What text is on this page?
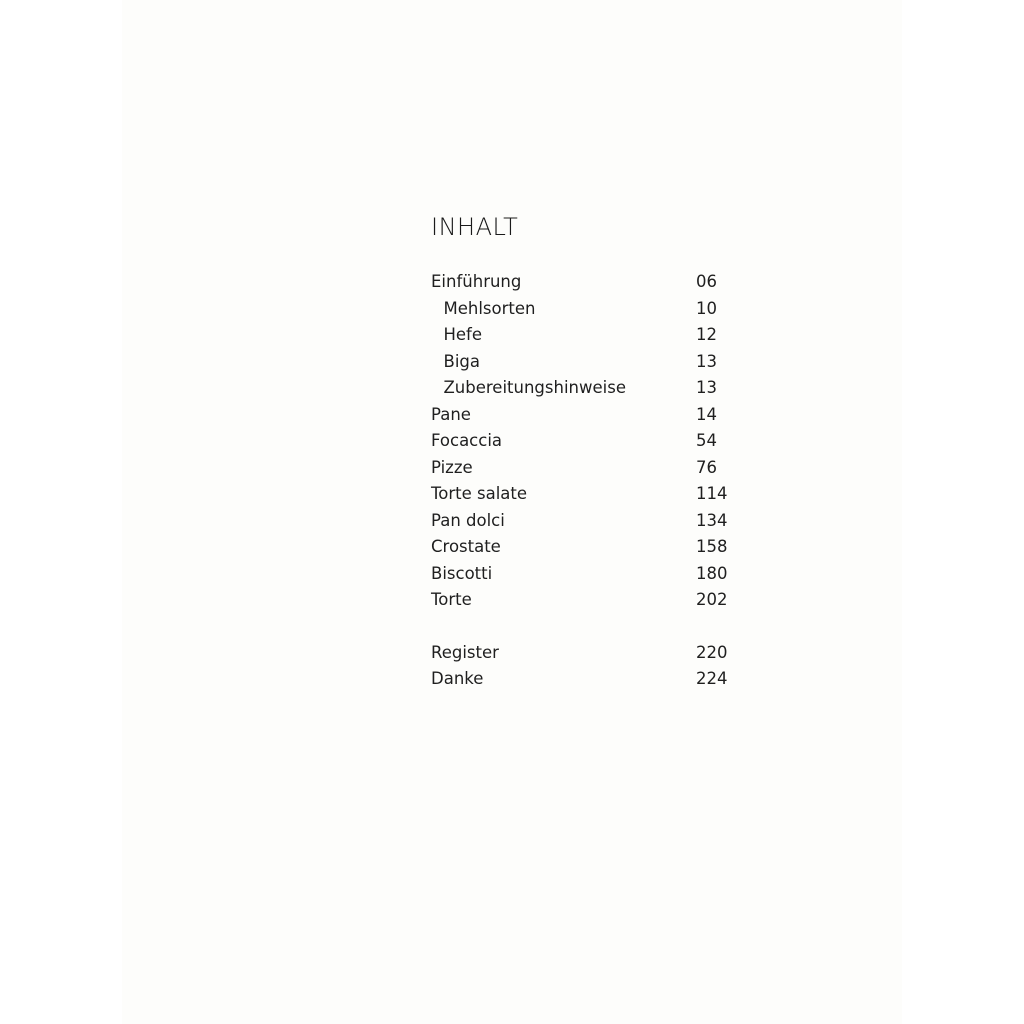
INHALT
Einführung	06
Mehlsorten	10
Hefe	12
Biga	13
Zubereitungshinweise	13
Pane	14
Focaccia	54
Pizze	76
Torte salate	114
Pan dolci	134
Crostate	158
Biscotti	180
Torte	202
Register	220
Danke	224
